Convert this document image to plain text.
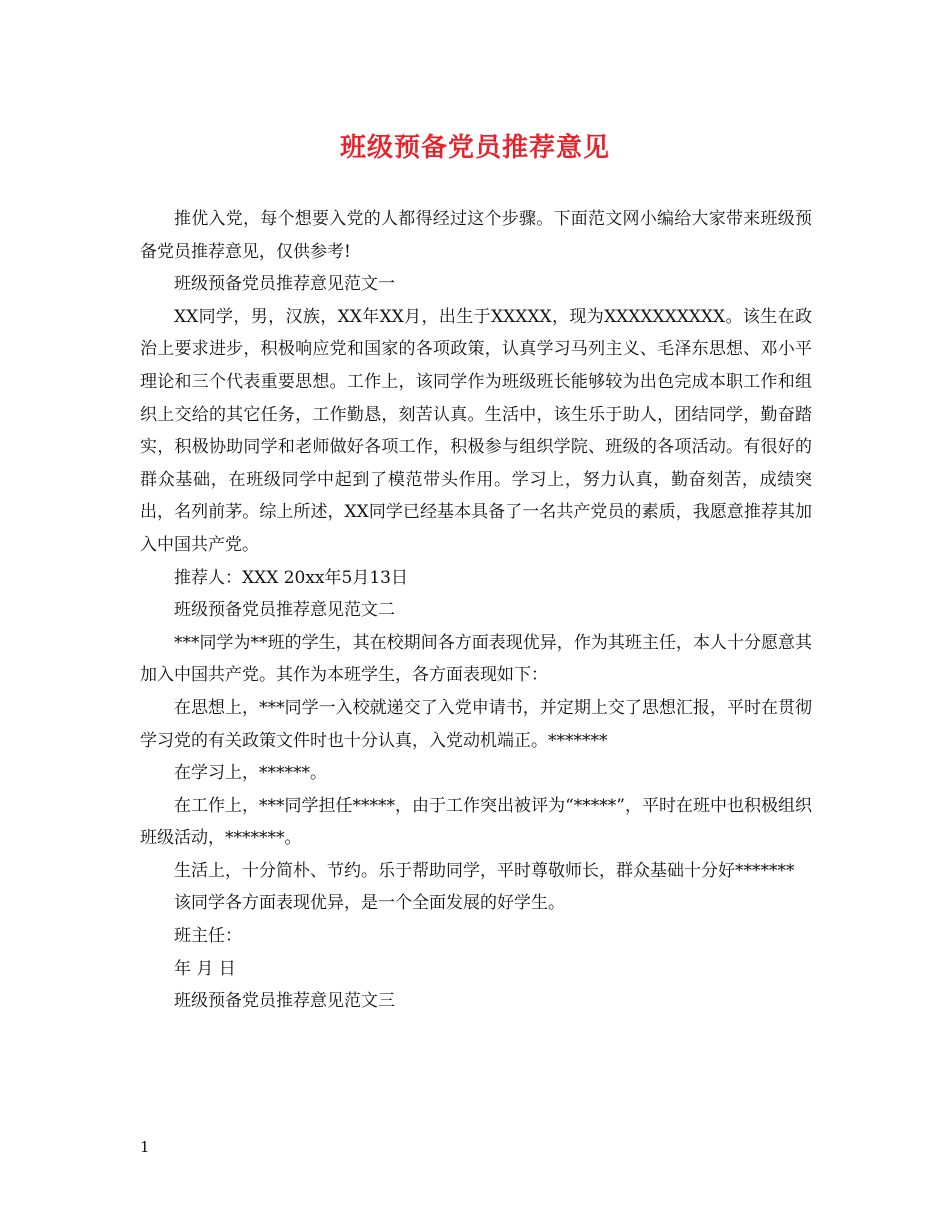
班级预备党员推荐意见

推优入党，每个想要入党的人都得经过这个步骤。下面范文网小编给大家带来班级预备党员推荐意见，仅供参考!

班级预备党员推荐意见范文一

XX同学，男，汉族，XX年XX月，出生于XXXXX，现为XXXXXXXXXX。该生在政治上要求进步，积极响应党和国家的各项政策，认真学习马列主义、毛泽东思想、邓小平理论和三个代表重要思想。工作上，该同学作为班级班长能够较为出色完成本职工作和组织上交给的其它任务，工作勤恳，刻苦认真。生活中，该生乐于助人，团结同学，勤奋踏实，积极协助同学和老师做好各项工作，积极参与组织学院、班级的各项活动。有很好的群众基础，在班级同学中起到了模范带头作用。学习上，努力认真，勤奋刻苦，成绩突出，名列前茅。综上所述，XX同学已经基本具备了一名共产党员的素质，我愿意推荐其加入中国共产党。

推荐人：XXX 20xx年5月13日

班级预备党员推荐意见范文二

***同学为**班的学生，其在校期间各方面表现优异，作为其班主任，本人十分愿意其加入中国共产党。其作为本班学生，各方面表现如下：

在思想上，***同学一入校就递交了入党申请书，并定期上交了思想汇报，平时在贯彻学习党的有关政策文件时也十分认真，入党动机端正。*******

在学习上，******。

在工作上，***同学担任*****，由于工作突出被评为“*****”，平时在班中也积极组织班级活动，*******。

生活上，十分简朴、节约。乐于帮助同学，平时尊敬师长，群众基础十分好*******

该同学各方面表现优异，是一个全面发展的好学生。

班主任：

年 月 日

班级预备党员推荐意见范文三

1
